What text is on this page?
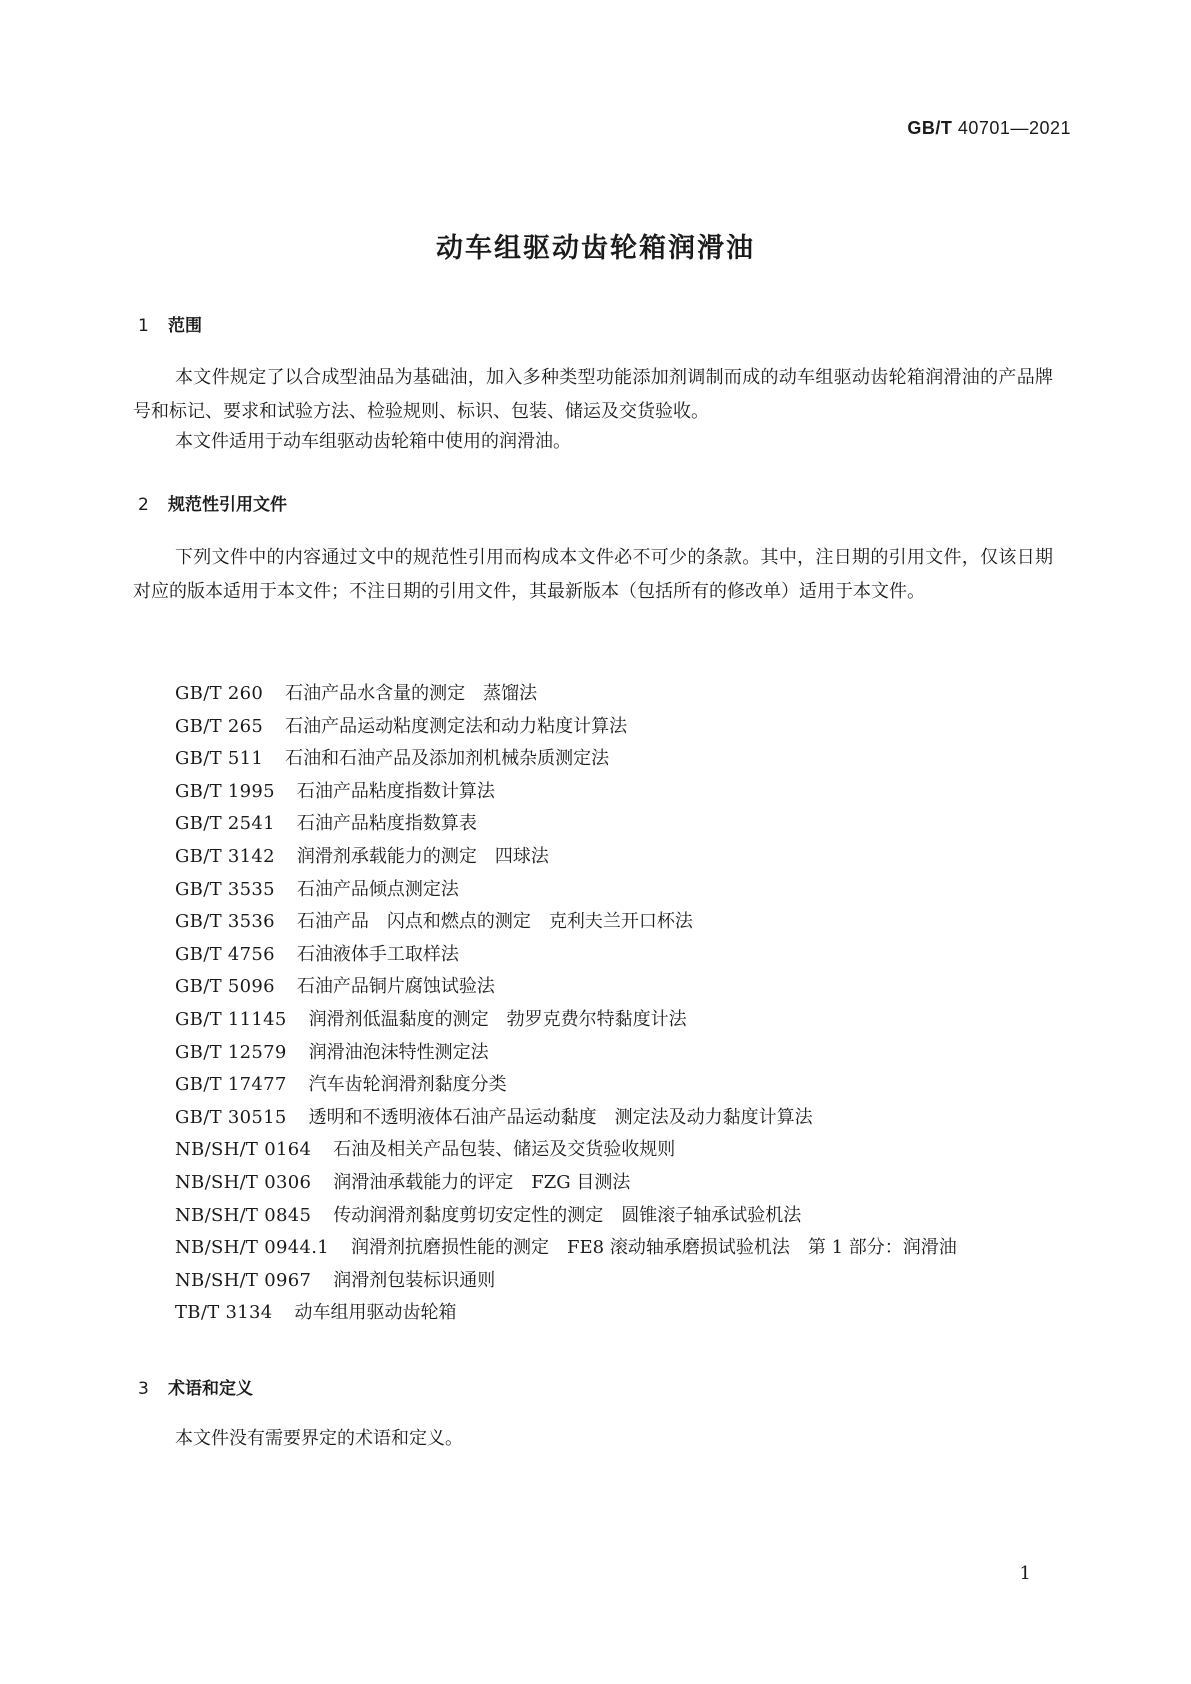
GB/T 40701—2021
动车组驱动齿轮箱润滑油
1 范围
本文件规定了以合成型油品为基础油，加入多种类型功能添加剂调制而成的动车组驱动齿轮箱润滑油的产品牌号和标记、要求和试验方法、检验规则、标识、包装、储运及交货验收。
本文件适用于动车组驱动齿轮箱中使用的润滑油。
2 规范性引用文件
下列文件中的内容通过文中的规范性引用而构成本文件必不可少的条款。其中，注日期的引用文件，仅该日期对应的版本适用于本文件；不注日期的引用文件，其最新版本（包括所有的修改单）适用于本文件。
GB/T 260 石油产品水含量的测定　蒸馏法
GB/T 265 石油产品运动粘度测定法和动力粘度计算法
GB/T 511 石油和石油产品及添加剂机械杂质测定法
GB/T 1995 石油产品粘度指数计算法
GB/T 2541 石油产品粘度指数算表
GB/T 3142 润滑剂承载能力的测定　四球法
GB/T 3535 石油产品倾点测定法
GB/T 3536 石油产品　闪点和燃点的测定　克利夫兰开口杯法
GB/T 4756 石油液体手工取样法
GB/T 5096 石油产品铜片腐蚀试验法
GB/T 11145 润滑剂低温黏度的测定　勃罗克费尔特黏度计法
GB/T 12579 润滑油泡沫特性测定法
GB/T 17477 汽车齿轮润滑剂黏度分类
GB/T 30515 透明和不透明液体石油产品运动黏度　测定法及动力黏度计算法
NB/SH/T 0164 石油及相关产品包装、储运及交货验收规则
NB/SH/T 0306 润滑油承载能力的评定　FZG 目测法
NB/SH/T 0845 传动润滑剂黏度剪切安定性的测定　圆锥滚子轴承试验机法
NB/SH/T 0944.1 润滑剂抗磨损性能的测定　FE8 滚动轴承磨损试验机法　第 1 部分：润滑油
NB/SH/T 0967 润滑剂包装标识通则
TB/T 3134 动车组用驱动齿轮箱
3 术语和定义
本文件没有需要界定的术语和定义。
1
